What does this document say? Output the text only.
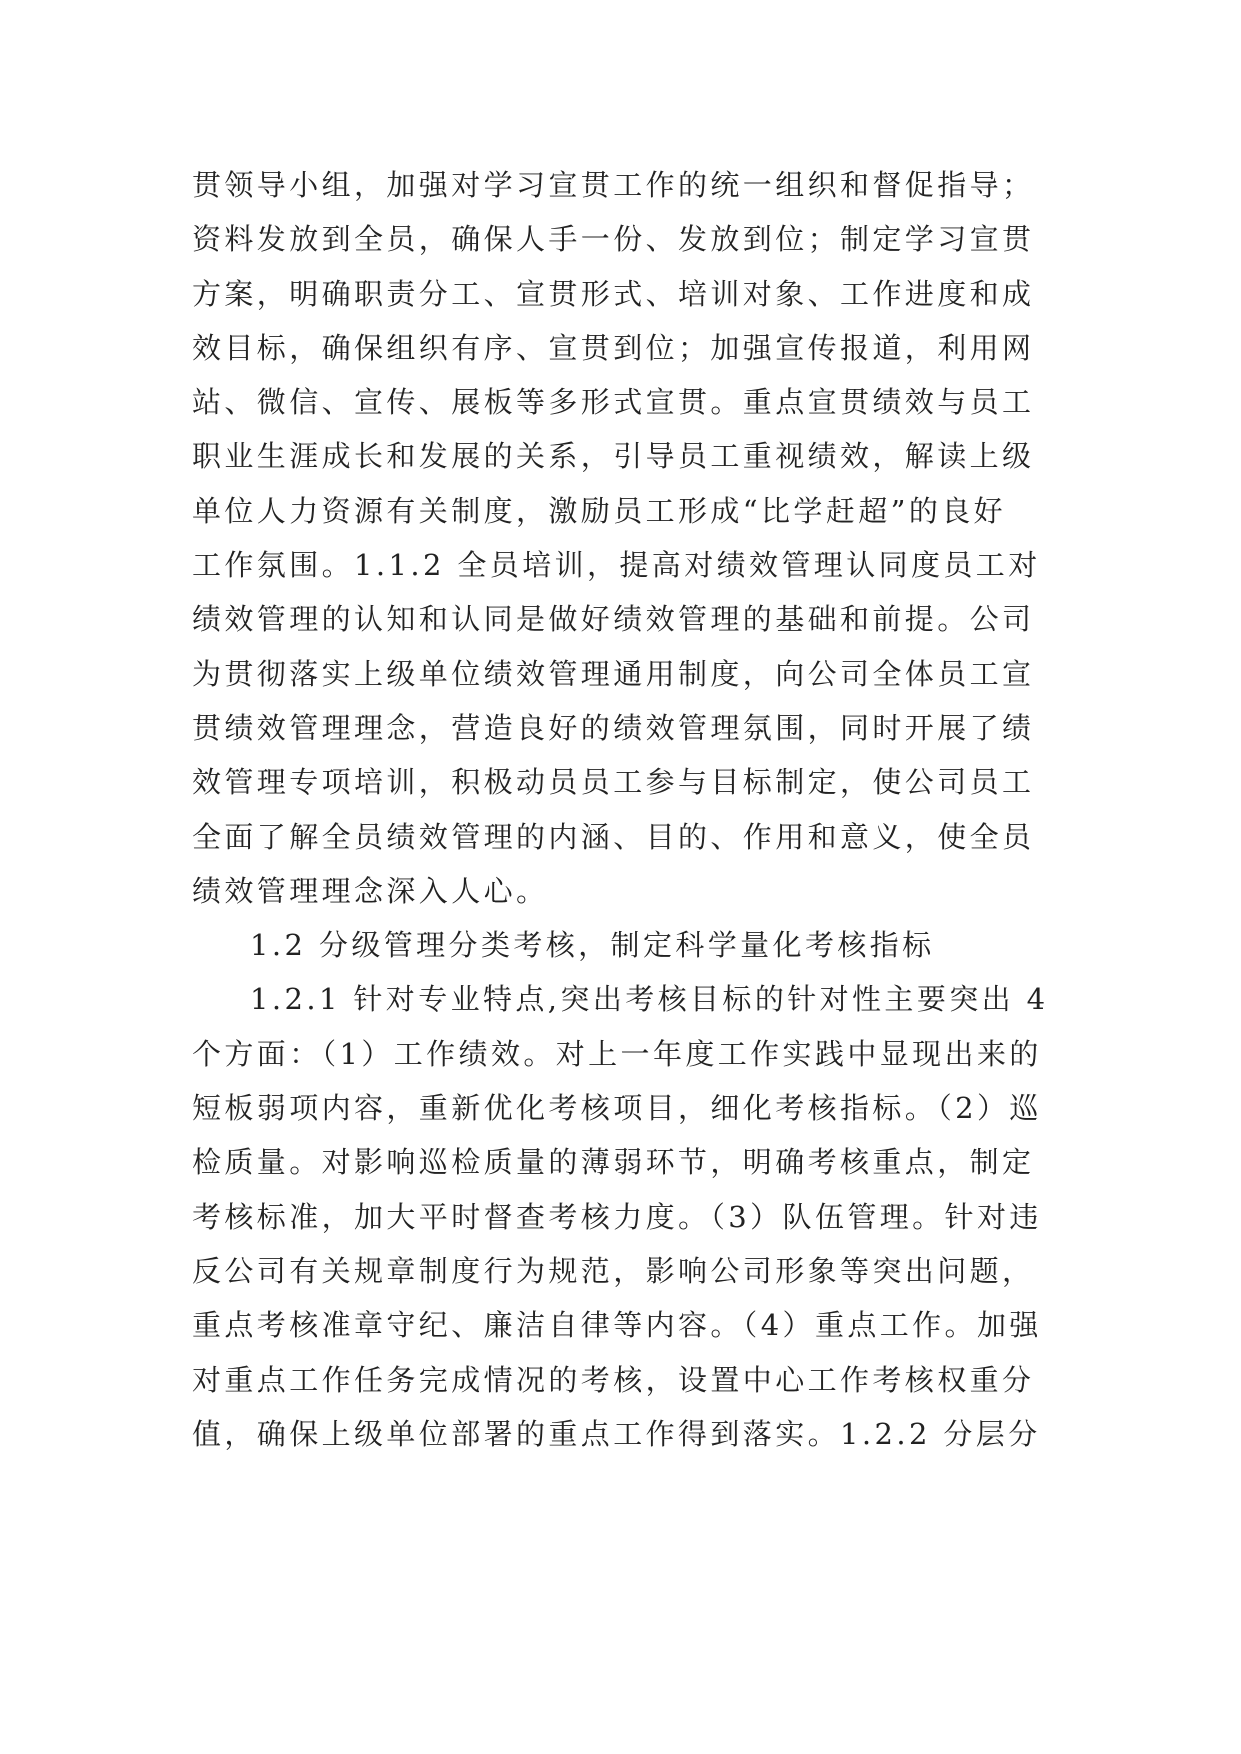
贯领导小组，加强对学习宣贯工作的统一组织和督促指导；
资料发放到全员，确保人手一份、发放到位；制定学习宣贯
方案，明确职责分工、宣贯形式、培训对象、工作进度和成
效目标，确保组织有序、宣贯到位；加强宣传报道，利用网
站、微信、宣传、展板等多形式宣贯。重点宣贯绩效与员工
职业生涯成长和发展的关系，引导员工重视绩效，解读上级
单位人力资源有关制度，激励员工形成“比学赶超”的良好
工作氛围。1.1.2 全员培训，提高对绩效管理认同度员工对
绩效管理的认知和认同是做好绩效管理的基础和前提。公司
为贯彻落实上级单位绩效管理通用制度，向公司全体员工宣
贯绩效管理理念，营造良好的绩效管理氛围，同时开展了绩
效管理专项培训，积极动员员工参与目标制定，使公司员工
全面了解全员绩效管理的内涵、目的、作用和意义，使全员
绩效管理理念深入人心。
1.2 分级管理分类考核，制定科学量化考核指标
1.2.1 针对专业特点,突出考核目标的针对性主要突出 4
个方面：（1）工作绩效。对上一年度工作实践中显现出来的
短板弱项内容，重新优化考核项目，细化考核指标。（2）巡
检质量。对影响巡检质量的薄弱环节，明确考核重点，制定
考核标准，加大平时督查考核力度。（3）队伍管理。针对违
反公司有关规章制度行为规范，影响公司形象等突出问题，
重点考核准章守纪、廉洁自律等内容。（4）重点工作。加强
对重点工作任务完成情况的考核，设置中心工作考核权重分
值，确保上级单位部署的重点工作得到落实。1.2.2 分层分
